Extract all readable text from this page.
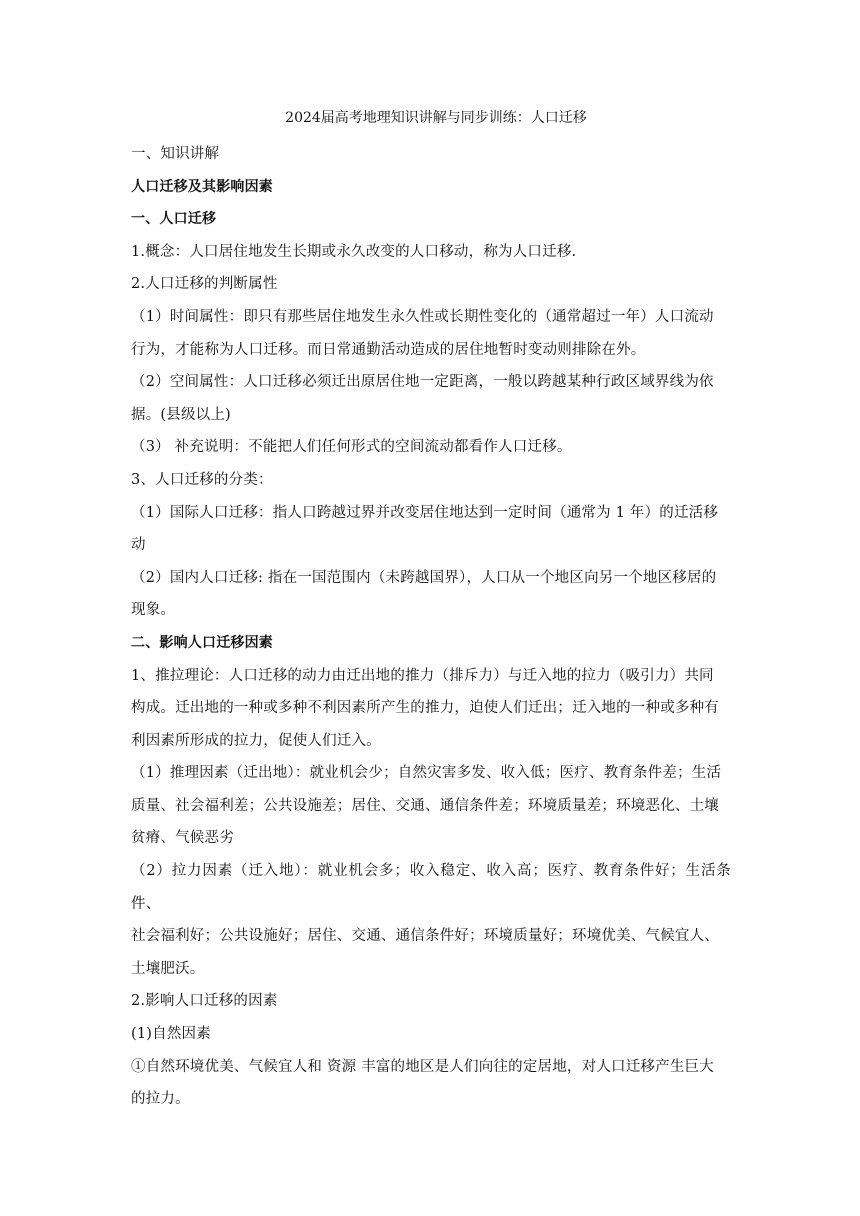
2024届高考地理知识讲解与同步训练：人口迁移

一、知识讲解

人口迁移及其影响因素

一、人口迁移

1.概念：人口居住地发生长期或永久改变的人口移动，称为人口迁移.

2.人口迁移的判断属性

（1）时间属性：即只有那些居住地发生永久性或长期性变化的（通常超过一年）人口流动

行为，才能称为人口迁移。而日常通勤活动造成的居住地暂时变动则排除在外。

（2）空间属性：人口迁移必须迁出原居住地一定距离，一般以跨越某种行政区域界线为依

据。(县级以上)

（3） 补充说明：不能把人们任何形式的空间流动都看作人口迁移。

3、人口迁移的分类：

（1）国际人口迁移：指人口跨越过界并改变居住地达到一定时间（通常为 1 年）的迁活移

动

（2）国内人口迁移: 指在一国范围内（未跨越国界），人口从一个地区向另一个地区移居的

现象。

二、影响人口迁移因素

1、推拉理论：人口迁移的动力由迁出地的推力（排斥力）与迁入地的拉力（吸引力）共同

构成。迁出地的一种或多种不利因素所产生的推力，迫使人们迁出；迁入地的一种或多种有

利因素所形成的拉力，促使人们迁入。

（1）推理因素（迁出地）：就业机会少；自然灾害多发、收入低；医疗、教育条件差；生活

质量、社会福利差；公共设施差；居住、交通、通信条件差；环境质量差；环境恶化、土壤

贫瘠、气候恶劣

（2）拉力因素（迁入地）：就业机会多；收入稳定、收入高；医疗、教育条件好；生活条件、

社会福利好；公共设施好；居住、交通、通信条件好；环境质量好；环境优美、气候宜人、

土壤肥沃。

2.影响人口迁移的因素

(1)自然因素

①自然环境优美、气候宜人和 资源 丰富的地区是人们向往的定居地，对人口迁移产生巨大

的拉力。
